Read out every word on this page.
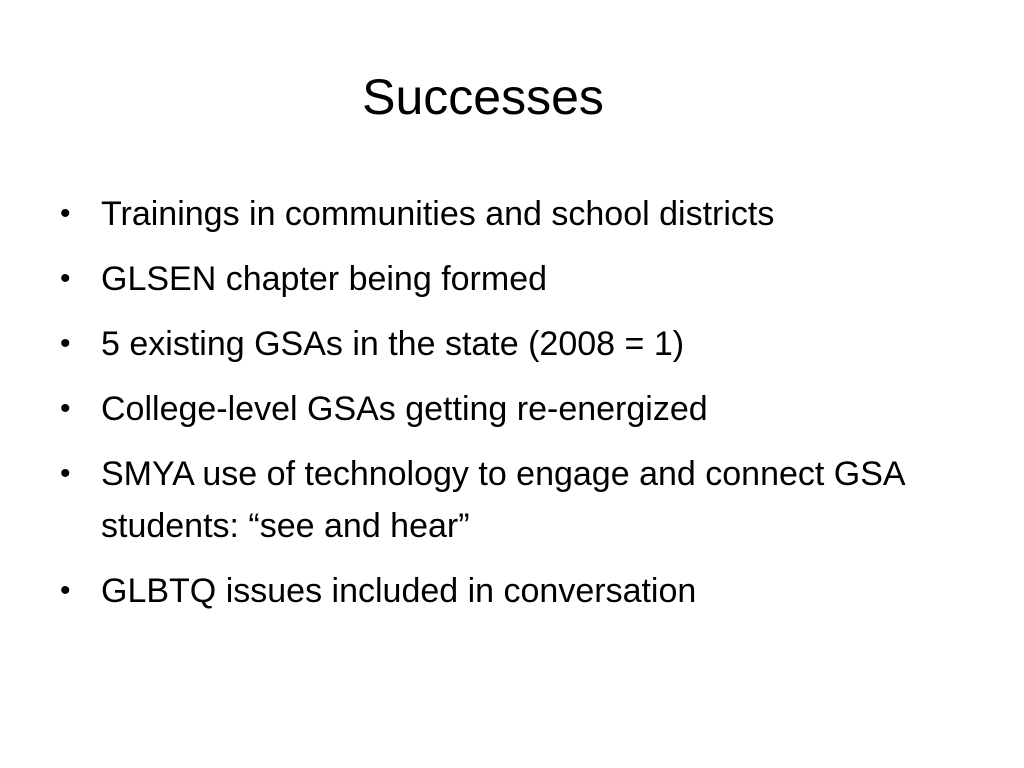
Successes
• Trainings in communities and school districts
• GLSEN chapter being formed
• 5 existing GSAs in the state (2008 = 1)
• College-level GSAs getting re-energized
• SMYA use of technology to engage and connect GSA students: “see and hear”
• GLBTQ issues included in conversation
